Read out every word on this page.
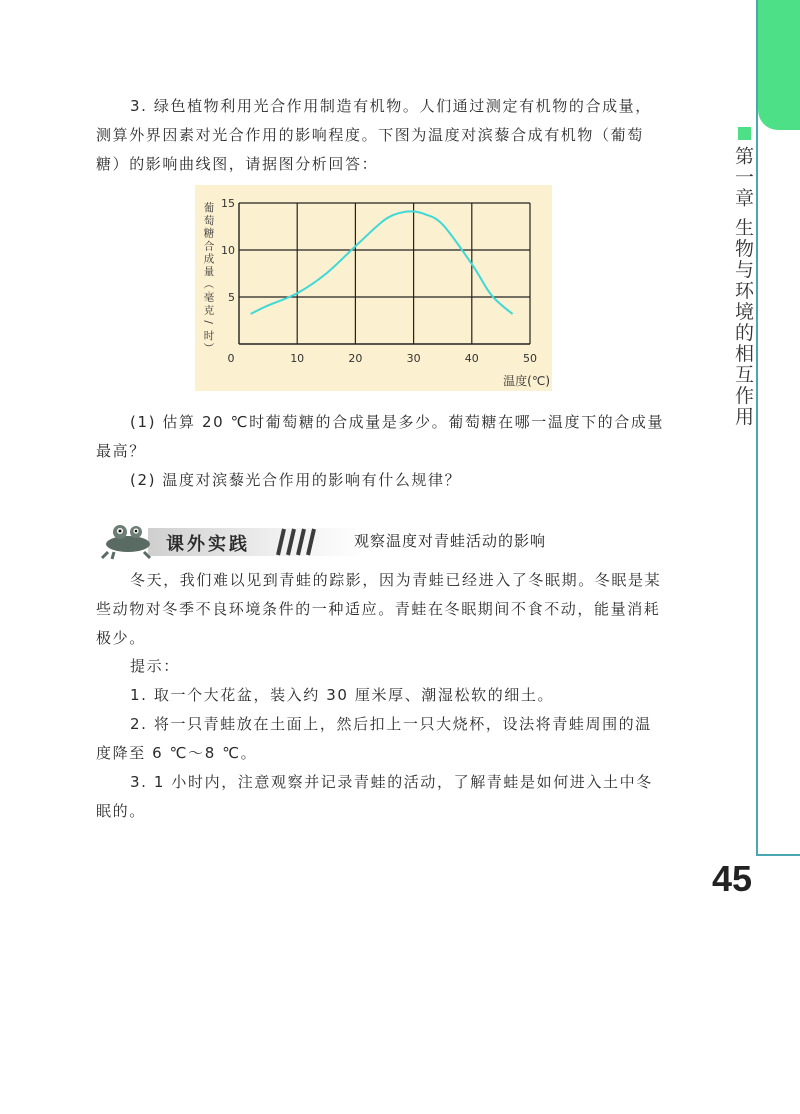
第一章 生物与环境的相互作用
45

3. 绿色植物利用光合作用制造有机物。人们通过测定有机物的合成量，测算外界因素对光合作用的影响程度。下图为温度对滨藜合成有机物（葡萄糖）的影响曲线图，请据图分析回答：

0	10	20	30	40	50
5
10
15
温度(℃)
葡
萄
糖
合
成
量
（
毫
克
/
时
）

(1) 估算 20 ℃时葡萄糖的合成量是多少。葡萄糖在哪一温度下的合成量最高？

(2) 温度对滨藜光合作用的影响有什么规律？

课外实践	观察温度对青蛙活动的影响

冬天，我们难以见到青蛙的踪影，因为青蛙已经进入了冬眠期。冬眠是某些动物对冬季不良环境条件的一种适应。青蛙在冬眠期间不食不动，能量消耗极少。

提示：

1. 取一个大花盆，装入约 30 厘米厚、潮湿松软的细土。

2. 将一只青蛙放在土面上，然后扣上一只大烧杯，设法将青蛙周围的温度降至 6 ℃～8 ℃。

3. 1 小时内，注意观察并记录青蛙的活动，了解青蛙是如何进入土中冬眠的。
